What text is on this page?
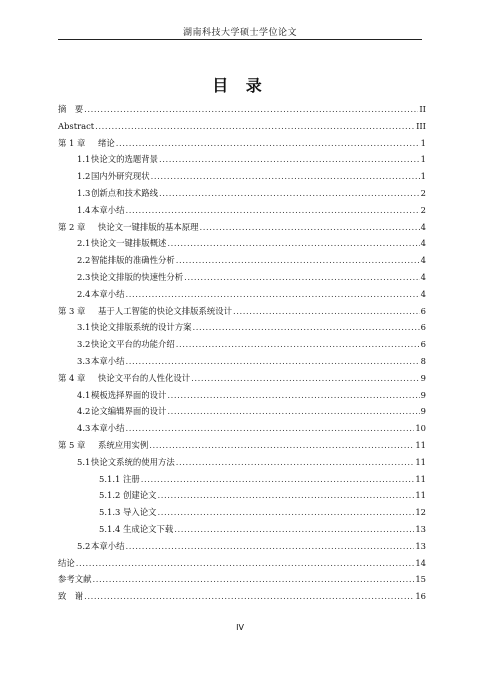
湖南科技大学硕士学位论文
目 录
摘　要 .....	II
Abstract .....	III
第 1 章	绪论 .....	1
1.1 快论文的选题背景 .....	1
1.2 国内外研究现状 .....	1
1.3 创新点和技术路线 .....	2
1.4 本章小结 .....	2
第 2 章	快论文一键排版的基本原理 .....	4
2.1 快论文一键排版概述 .....	4
2.2 智能排版的准确性分析 .....	4
2.3 快论文排版的快速性分析 .....	4
2.4 本章小结 .....	4
第 3 章	基于人工智能的快论文排版系统设计 .....	6
3.1 快论文排版系统的设计方案 .....	6
3.2 快论文平台的功能介绍 .....	6
3.3 本章小结 .....	8
第 4 章	快论文平台的人性化设计 .....	9
4.1 模板选择界面的设计 .....	9
4.2 论文编辑界面的设计 .....	9
4.3 本章小结 .....	10
第 5 章	系统应用实例 .....	11
5.1 快论文系统的使用方法 .....	11
5.1.1 注册 .....	11
5.1.2 创建论文 .....	11
5.1.3 导入论文 .....	12
5.1.4 生成论文下载 .....	13
5.2 本章小结 .....	13
结论 .....	14
参考文献 .....	15
致　谢 .....	16
IV
